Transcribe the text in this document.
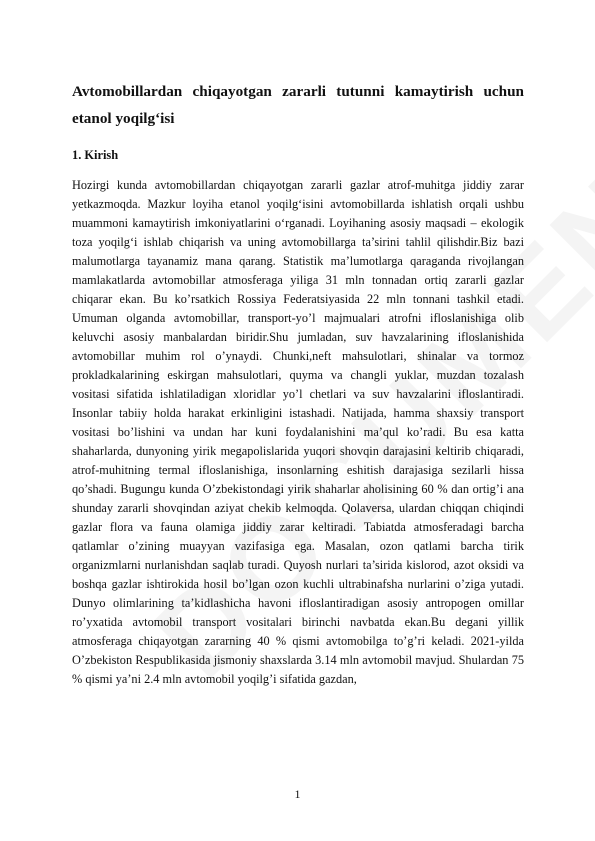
Avtomobillardan chiqayotgan zararli tutunni kamaytirish uchun etanol yoqilg‘isi
1. Kirish

Hozirgi kunda avtomobillardan chiqayotgan zararli gazlar atrof-muhitga jiddiy zarar yetkazmoqda. Mazkur loyiha etanol yoqilg‘isini avtomobillarda ishlatish orqali ushbu muammoni kamaytirish imkoniyatlarini o‘rganadi. Loyihaning asosiy maqsadi – ekologik toza yoqilg‘i ishlab chiqarish va uning avtomobillarga ta’sirini tahlil qilishdir.Biz bazi malumotlarga tayanamiz mana qarang. Statistik ma’lumotlarga qaraganda rivojlangan mamlakatlarda avtomobillar atmosferaga yiliga 31 mln tonnadan ortiq zararli gazlar chiqarar ekan. Bu ko’rsatkich Rossiya Federatsiyasida 22 mln tonnani tashkil etadi. Umuman olganda avtomobillar, transport-yo’l majmualari atrofni ifloslanishiga olib keluvchi asosiy manbalardan biridir.Shu jumladan, suv havzalarining ifloslanishida avtomobillar muhim rol o’ynaydi. Chunki,neft mahsulotlari, shinalar va tormoz prokladkalarining eskirgan mahsulotlari, quyma va changli yuklar, muzdan tozalash vositasi sifatida ishlatiladigan xloridlar yo’l chetlari va suv havzalarini ifloslantiradi. Insonlar tabiiy holda harakat erkinligini istashadi. Natijada, hamma shaxsiy transport vositasi bo’lishini va undan har kuni foydalanishini ma’qul ko’radi. Bu esa katta shaharlarda, dunyoning yirik megapolislarida yuqori shovqin darajasini keltirib chiqaradi, atrof-muhitning termal ifloslanishiga, insonlarning eshitish darajasiga sezilarli hissa qo’shadi. Bugungu kunda O’zbekistondagi yirik shaharlar aholisining 60 % dan ortig’i ana shunday zararli shovqindan aziyat chekib kelmoqda. Qolaversa, ulardan chiqqan chiqindi gazlar flora va fauna olamiga jiddiy zarar keltiradi. Tabiatda atmosferadagi barcha qatlamlar o’zining muayyan vazifasiga ega. Masalan, ozon qatlami barcha tirik organizmlarni nurlanishdan saqlab turadi. Quyosh nurlari ta’sirida kislorod, azot oksidi va boshqa gazlar ishtirokida hosil bo’lgan ozon kuchli ultrabinafsha nurlarini o’ziga yutadi. Dunyo olimlarining ta’kidlashicha havoni ifloslantiradigan asosiy antropogen omillar ro’yxatida avtomobil transport vositalari birinchi navbatda ekan.Bu degani yillik atmosferaga chiqayotgan zararning 40 % qismi avtomobilga to’g’ri keladi. 2021-yilda O’zbekiston Respublikasida jismoniy shaxslarda 3.14 mln avtomobil mavjud. Shulardan 75 % qismi ya’ni 2.4 mln avtomobil yoqilg’i sifatida gazdan,

1
